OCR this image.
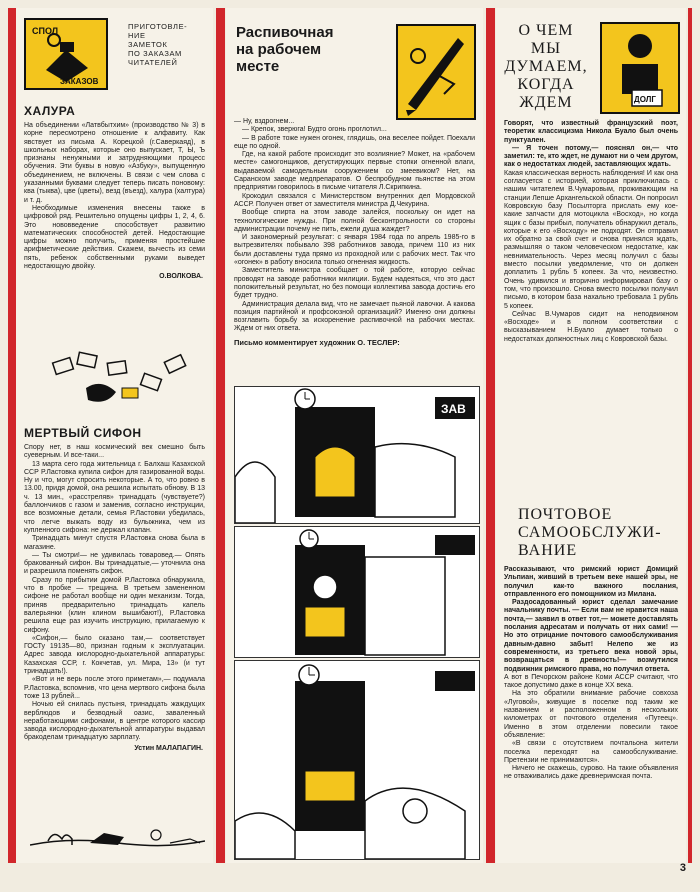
СПОЛ
ЗАКАЗОВ
ПРИГОТОВЛЕ-
НИЕ
ЗАМЕТОК
ПО ЗАКАЗАМ
ЧИТАТЕЛЕЙ
ХАЛУРА

На объединении «Латвбытхим» (производство № 3) в корне пересмотрено отношение к алфавиту. Как явствует из письма А. Корецкой (г.Саверкаяд), в школьных наборах, которые оно выпускает, Т, Ы, Ъ признаны ненужными и затрудняющими процесс обучения. Эти буквы в новую «Азбуку», выпущенную объединением, не включены. В связи с чем слова с указанными буквами следует теперь писать поновому: ква (тыква), цве (цветы), везд (въезд), халура (халтура) и т. д.

Необходимые изменения внесены также в цифровой ряд. Решительно опущены цифры 1, 2, 4, 6. Это нововведение способствует развитию математических способностей детей. Недостающие цифры можно получить, применяя простейшие арифметические действия. Скажем, вычесть из семи пять, ребенок собственными руками выведет недостающую двойку.

О.ВОЛКОВА.
МЕРТВЫЙ СИФОН

Спору нет, в наш космический век смешно быть суеверным. И все-таки...

13 марта сего года жительница г. Балхаш Казахской ССР Р.Ластовка купила сифон для газированной воды. Ну и что, могут спросить некоторые. А то, что ровно в 13.00, придя домой, она решила испытать обнову. В 13 ч. 13 мин., «расстреляв» тринадцать (чувствуете?) баллончиков с газом и заменив, согласно инструкции, все возможные детали, семья Р.Ластовки убедилась, что легче выжать воду из булыжника, чем из купленного сифона: не держал клапан.

Тринадцать минут спустя Р.Ластовка снова была в магазине.

— Ты смотри!— не удивилась товаровед.— Опять бракованный сифон. Вы тринадцатые,— уточнила она и разрешила поменять сифон.

Сразу по прибытии домой Р.Ластовка обнаружила, что в пробке — трещина. В третьем замененном сифоне не работал вообще ни один механизм. Тогда, приняв предварительно тринадцать капель валерьянки (клин клином вышибают!), Р.Ластовка решила еще раз изучить инструкцию, прилагаемую к сифону.

«Сифон,— было сказано там,— соответствует ГОСТу 19135—80, признан годным к эксплуатации. Адрес завода кислородно-дыхательной аппаратуры: Казахская ССР, г. Кокчетав, ул. Мира, 13» (и тут тринадцать!).

«Вот и не верь после этого приметам»,— подумала Р.Ластовка, вспомнив, что цена мертвого сифона была тоже 13 рублей...

Ночью ей снилась пустыня, тринадцать жаждущих верблюдов и безводный оазис, заваленный неработающими сифонами, в центре которого кассир завода кислородно-дыхательной аппаратуры выдавал бракоделам тринадцатую зарплату.

Устин МАЛАПАГИН.
Распивочная
на рабочем
месте

— Ну, вздрогнем...

— Крепок, зверюга! Будто огонь проглотил...

— В работе тоже нужен огонек, глядишь, она веселее пойдет. Поехали еще по одной.

Где, на какой работе происходит это возлияние? Может, на «рабочем месте» самогонщиков, дегустирующих первые стопки огненной влаги, выдаваемой самодельным сооружением со змеевиком? Нет, на Саранском заводе медпрепаратов. О беспробудном пьянстве на этом предприятии говорилось в письме читателя Л.Скрипкина.

Крокодил связался с Министерством внутренних дел Мордовской АССР. Получен ответ от заместителя министра Д.Чекурина.

Вообще спирта на этом заводе залейся, поскольку он идет на технологические нужды. При полной бесконтрольности со стороны администрации почему не пить, ежели душа жаждет?

И закономерный результат: с января 1984 года по апрель 1985-го в вытрезвителях побывало 398 работников завода, причем 110 из них были доставлены туда прямо из проходной или с рабочих мест. Так что «огонек» в работу вносила только огненная жидкость.

Заместитель министра сообщает о той работе, которую сейчас проводят на заводе работники милиции. Будем надеяться, что это даст положительный результат, но без помощи коллектива завода достичь его будет трудно.

Администрация делала вид, что не замечает пьяной лавочки. А какова позиция партийной и профсоюзной организаций? Именно они должны возглавить борьбу за искоренение распивочной на рабочих местах. Ждем от них ответа.

Письмо комментирует художник О. ТЕСЛЕР:
ЗАВ
О ЧЕМ
МЫ
ДУМАЕМ,
КОГДА
ЖДЕМ	ДОЛГ

Говорят, что известный французский поэт, теоретик классицизма Никола Буало был очень пунктуален.

— Я точен потому,— пояснял он,— что заметил: те, кто ждет, не думают ни о чем другом, как о недостатках людей, заставляющих ждать.

Какая классическая верность наблюдения! И как она согласуется с историей, которая приключилась с нашим читателем В.Чумаровым, проживающим на станции Лепше Архангельской области. Он попросил Ковровскую базу Посылторга прислать ему кое-какие запчасти для мотоцикла «Восход», но когда ящик с базы прибыл, получатель обнаружил деталь, которые к его «Восходу» не подходят. Он отправил их обратно за свой счет и снова принялся ждать, размышляя о таком человеческом недостатке, как невнимательность. Через месяц получил с базы вместо посылки уведомление, что он должен доплатить 1 рубль 5 копеек. За что, неизвестно. Очень удивился и вторично информировал базу о том, что произошло. Снова вместо посылки получил письмо, в котором база нахально требовала 1 рубль 5 копеек.

Сейчас В.Чумаров сидит на неподвижном «Восходе» и в полном соответствии с высказыванием Н.Буало думает только о недостатках должностных лиц с Ковровской базы.

ПОЧТОВОЕ
САМООБСЛУЖИ-
ВАНИЕ

Рассказывают, что римский юрист Домиций Ульпиан, живший в третьем веке нашей эры, не получил как-то важного послания, отправленного его помощником из Милана.

Раздосадованный юрист сделал замечание начальнику почты. — Если вам не нравится наша почта,— заявил в ответ тот,— можете доставлять послания адресатам и получать от них сами! — Но это отрицание почтового самообслуживания давным-давно забыт! Нелепо же из современности, из третьего века новой эры, возвращаться в древность!— возмутился подвижник римского права, но получил ответа.

А вот в Печорском районе Коми АССР считают, что такое допустимо даже в конце XX века.

На это обратили внимание рабочие совхоза «Луговой», живущие в поселке под таким же названием и расположенном в нескольких километрах от почтового отделения «Путеец». Именно в этом отделении повесили такое объявление:

«В связи с отсутствием почтальона жители поселка переходят на самообслуживание. Претензии не принимаются».

Ничего не скажешь, сурово. На такие объявления не отваживались даже древнеримская почта.

3
